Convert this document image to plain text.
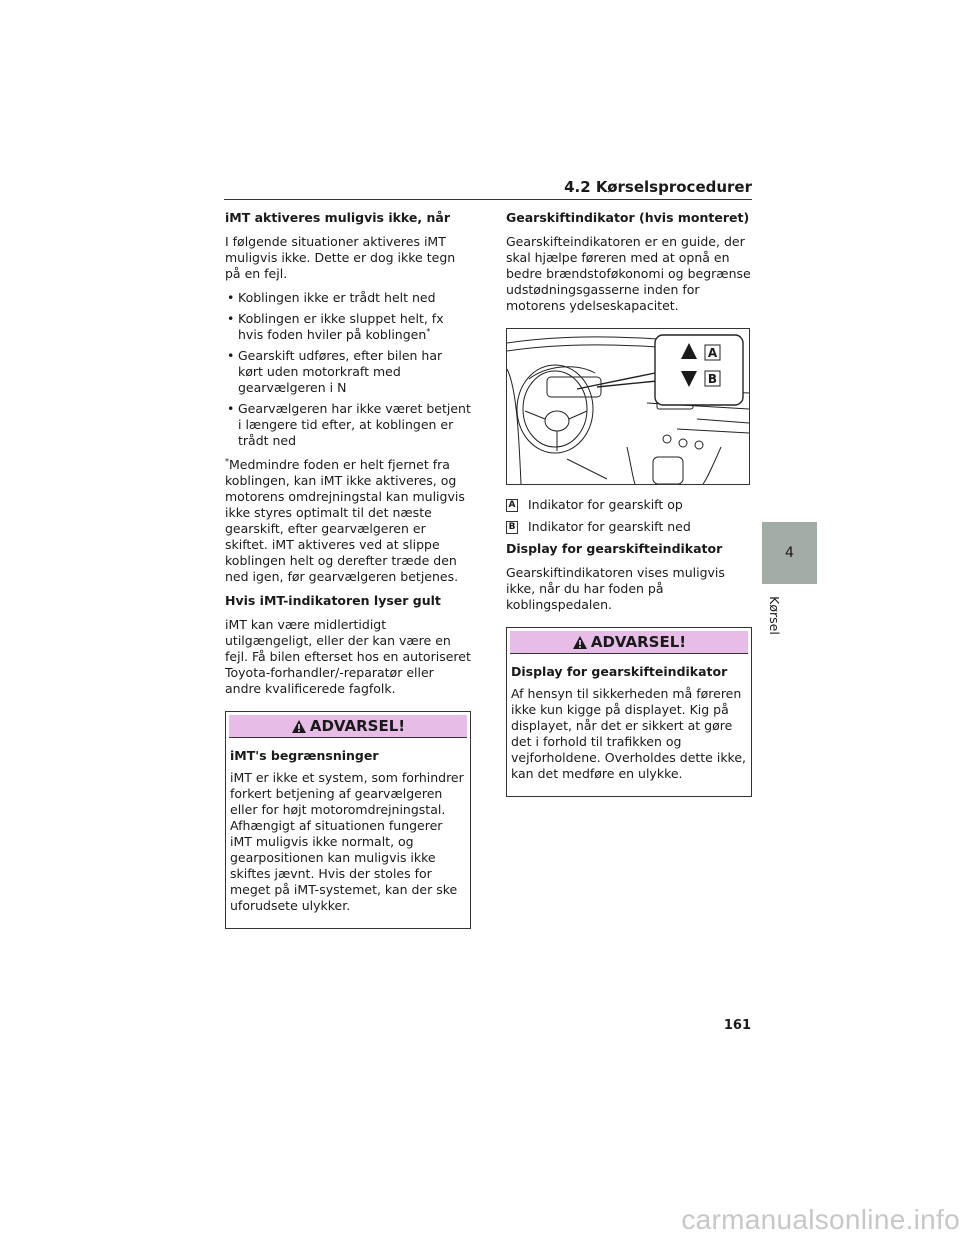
4.2 Kørselsprocedurer

iMT aktiveres muligvis ikke, når

I følgende situationer aktiveres iMT muligvis ikke. Dette er dog ikke tegn på en fejl.

• Koblingen ikke er trådt helt ned
• Koblingen er ikke sluppet helt, fx hvis foden hviler på koblingen*
• Gearskift udføres, efter bilen har kørt uden motorkraft med gearvælgeren i N
• Gearvælgeren har ikke været betjent i længere tid efter, at koblingen er trådt ned

*Medmindre foden er helt fjernet fra koblingen, kan iMT ikke aktiveres, og motorens omdrejningstal kan muligvis ikke styres optimalt til det næste gearskift, efter gearvælgeren er skiftet. iMT aktiveres ved at slippe koblingen helt og derefter træde den ned igen, før gearvælgeren betjenes.

Hvis iMT-indikatoren lyser gult

iMT kan være midlertidigt utilgængeligt, eller der kan være en fejl. Få bilen efterset hos en autoriseret Toyota-forhandler/-reparatør eller andre kvalificerede fagfolk.

ADVARSEL!

iMT's begrænsninger

iMT er ikke et system, som forhindrer forkert betjening af gearvælgeren eller for højt motoromdrejningstal. Afhængigt af situationen fungerer iMT muligvis ikke normalt, og gearpositionen kan muligvis ikke skiftes jævnt. Hvis der stoles for meget på iMT-systemet, kan der ske uforudsete ulykker.

Gearskiftindikator (hvis monteret)

Gearskifteindikatoren er en guide, der skal hjælpe føreren med at opnå en bedre brændstoføkonomi og begrænse udstødningsgasserne inden for motorens ydelseskapacitet.

A
B
A Indikator for gearskift op
B Indikator for gearskift ned

Display for gearskifteindikator

Gearskiftindikatoren vises muligvis ikke, når du har foden på koblingspedalen.

ADVARSEL!

Display for gearskifteindikator

Af hensyn til sikkerheden må føreren ikke kun kigge på displayet. Kig på displayet, når det er sikkert at gøre det i forhold til trafikken og vejforholdene. Overholdes dette ikke, kan det medføre en ulykke.

4
Kørsel
161
carmanualsonline.info
